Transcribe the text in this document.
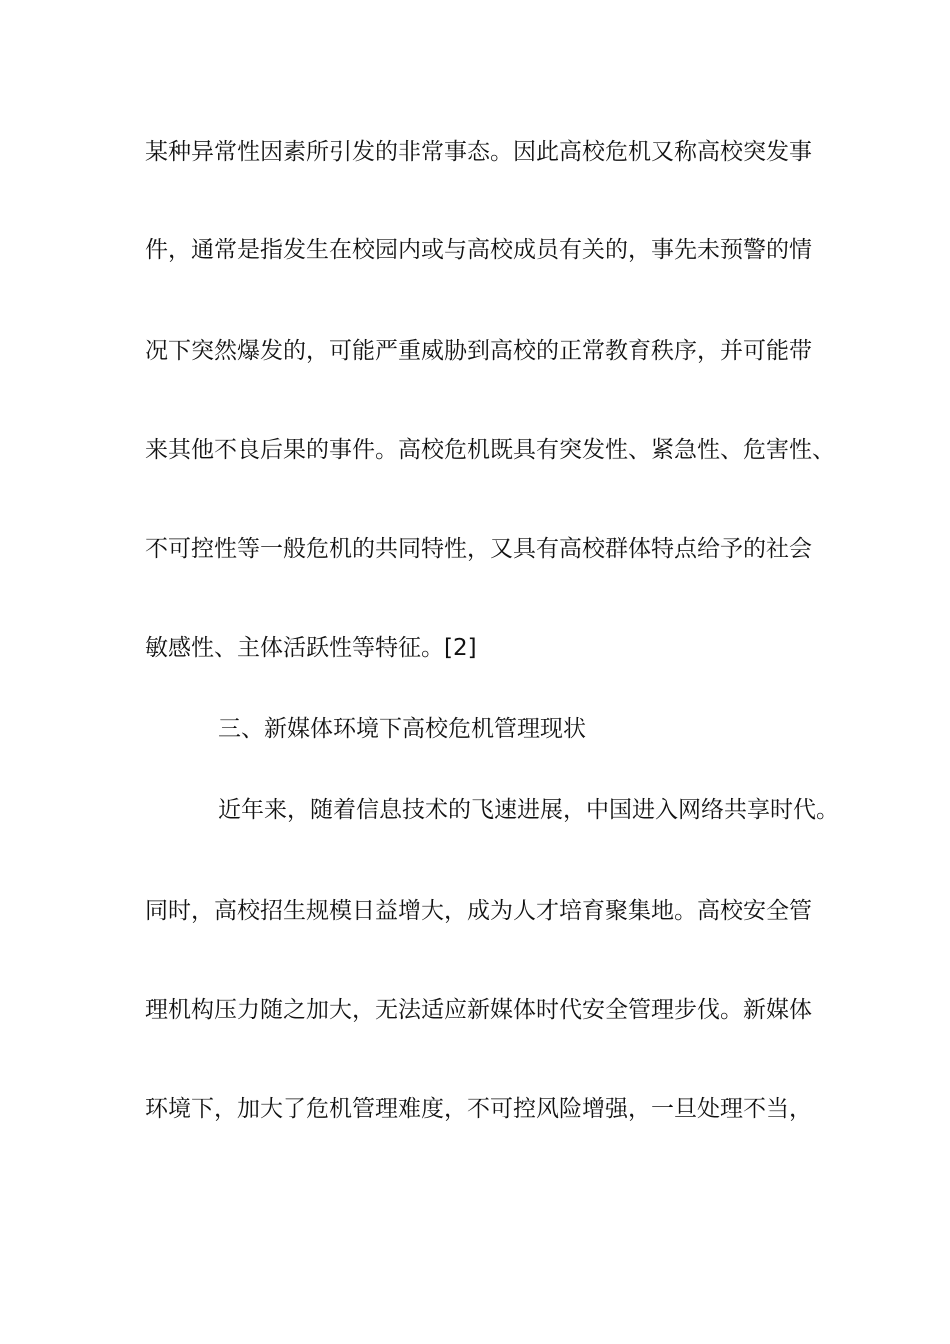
某种异常性因素所引发的非常事态。因此高校危机又称高校突发事
件，通常是指发生在校园内或与高校成员有关的，事先未预警的情
况下突然爆发的，可能严重威胁到高校的正常教育秩序，并可能带
来其他不良后果的事件。高校危机既具有突发性、紧急性、危害性、
不可控性等一般危机的共同特性，又具有高校群体特点给予的社会
敏感性、主体活跃性等特征。[2]
三、新媒体环境下高校危机管理现状
近年来，随着信息技术的飞速进展，中国进入网络共享时代。
同时，高校招生规模日益增大，成为人才培育聚集地。高校安全管
理机构压力随之加大，无法适应新媒体时代安全管理步伐。新媒体
环境下，加大了危机管理难度，不可控风险增强，一旦处理不当，
